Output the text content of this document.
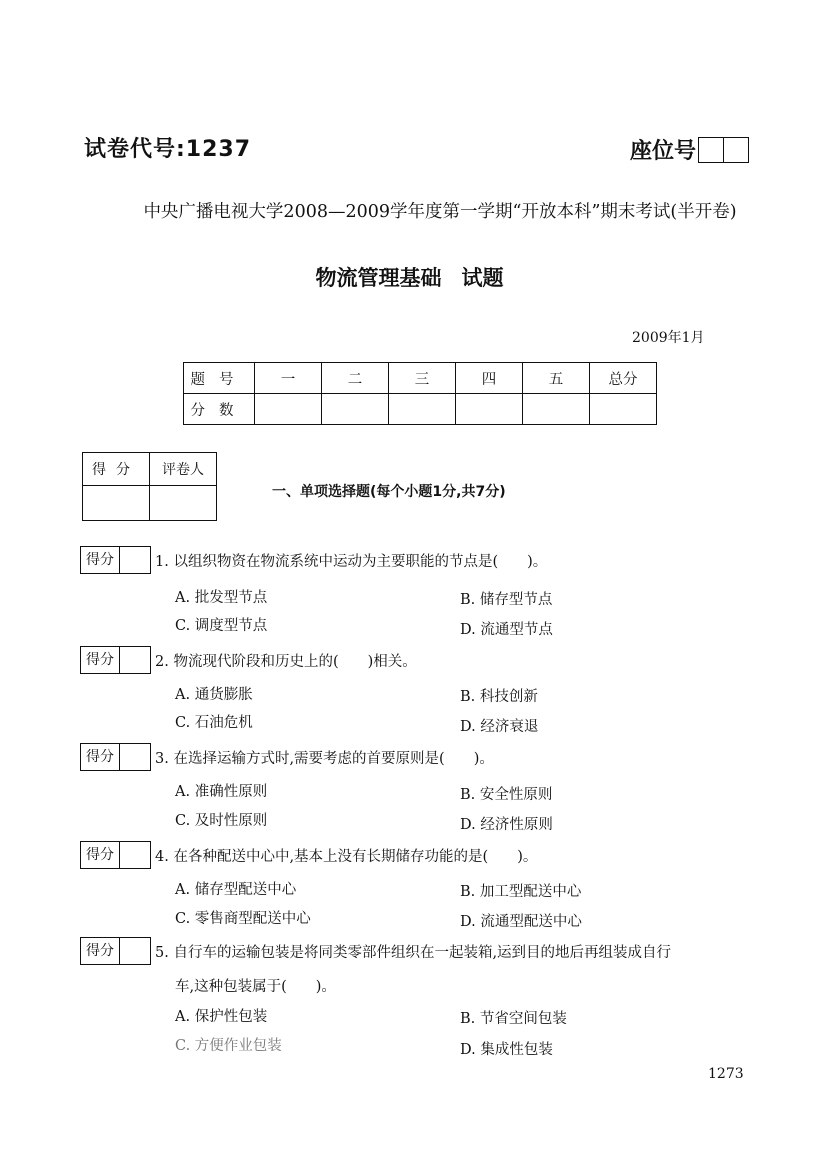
试卷代号:1237	座位号
中央广播电视大学2008—2009学年度第一学期“开放本科”期末考试(半开卷)
物流管理基础 试题
2009年1月
题号	一	二	三	四	五	总分
分数						
得分	评卷人

一、单项选择题(每个小题1分,共7分)
得分	1. 以组织物资在物流系统中运动为主要职能的节点是(　　)。
A. 批发型节点	B. 储存型节点
C. 调度型节点	D. 流通型节点
得分	2. 物流现代阶段和历史上的(　　)相关。
A. 通货膨胀	B. 科技创新
C. 石油危机	D. 经济衰退
得分	3. 在选择运输方式时,需要考虑的首要原则是(　　)。
A. 准确性原则	B. 安全性原则
C. 及时性原则	D. 经济性原则
得分	4. 在各种配送中心中,基本上没有长期储存功能的是(　　)。
A. 储存型配送中心	B. 加工型配送中心
C. 零售商型配送中心	D. 流通型配送中心
得分	5. 自行车的运输包装是将同类零部件组织在一起装箱,运到目的地后再组装成自行
车,这种包装属于(　　)。
A. 保护性包装	B. 节省空间包装
C. 方便作业包装	D. 集成性包装
1273
